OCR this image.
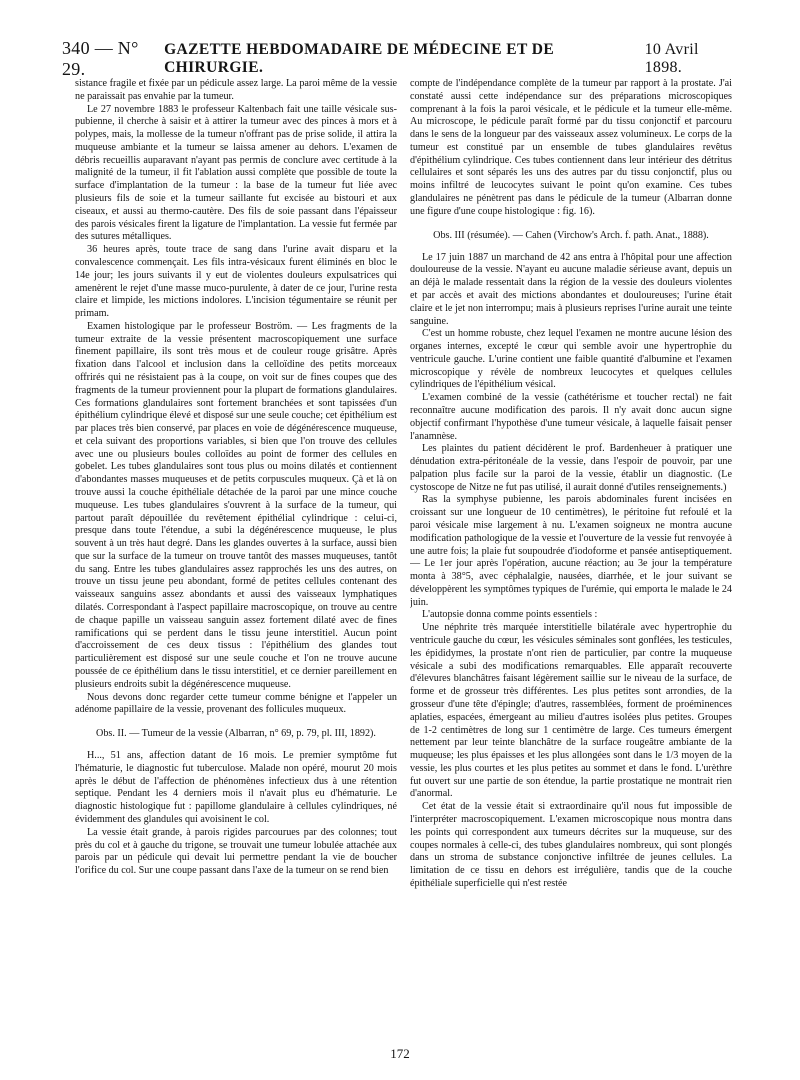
340 — N° 29.
GAZETTE HEBDOMADAIRE DE MÉDECINE ET DE CHIRURGIE.
10 Avril 1898.

sistance fragile et fixée par un pédicule assez large. La paroi même de la vessie ne paraissait pas envahie par la tumeur.

Le 27 novembre 1883 le professeur Kaltenbach fait une taille vésicale sus-pubienne, il cherche à saisir et à attirer la tumeur avec des pinces à mors et à polypes, mais, la mollesse de la tumeur n'offrant pas de prise solide, il attira la muqueuse ambiante et la tumeur se laissa amener au dehors. L'examen de débris recueillis auparavant n'ayant pas permis de conclure avec certitude à la malignité de la tumeur, il fit l'ablation aussi complète que possible de toute la surface d'implantation de la tumeur : la base de la tumeur fut liée avec plusieurs fils de soie et la tumeur saillante fut excisée au bistouri et aux ciseaux, et aussi au thermo-cautère. Des fils de soie passant dans l'épaisseur des parois vésicales firent la ligature de l'implantation. La vessie fut fermée par des sutures métalliques.

36 heures après, toute trace de sang dans l'urine avait disparu et la convalescence commençait. Les fils intra-vésicaux furent éliminés en bloc le 14e jour; les jours suivants il y eut de violentes douleurs expulsatrices qui amenèrent le rejet d'une masse muco-purulente, à dater de ce jour, l'urine resta claire et limpide, les mictions indolores. L'incision tégumentaire se réunit per primam.

Examen histologique par le professeur Boström. — Les fragments de la tumeur extraite de la vessie présentent macroscopiquement une surface finement papillaire, ils sont très mous et de couleur rouge grisâtre. Après fixation dans l'alcool et inclusion dans la celloïdine des petits morceaux offrirés qui ne résistaient pas à la coupe, on voit sur de fines coupes que des fragments de la tumeur proviennent pour la plupart de formations glandulaires. Ces formations glandulaires sont fortement branchées et sont tapissées d'un épithélium cylindrique élevé et disposé sur une seule couche; cet épithélium est par places très bien conservé, par places en voie de dégénérescence muqueuse, et cela suivant des proportions variables, si bien que l'on trouve des cellules avec une ou plusieurs boules colloïdes au point de former des cellules en gobelet. Les tubes glandulaires sont tous plus ou moins dilatés et contiennent d'abondantes masses muqueuses et de petits corpuscules muqueux. Çà et là on trouve aussi la couche épithéliale détachée de la paroi par une mince couche muqueuse. Les tubes glandulaires s'ouvrent à la surface de la tumeur, qui partout paraît dépouillée du revêtement épithélial cylindrique : celui-ci, presque dans toute l'étendue, a subi la dégénérescence muqueuse, le plus souvent à un très haut degré. Dans les glandes ouvertes à la surface, aussi bien que sur la surface de la tumeur on trouve tantôt des masses muqueuses, tantôt du sang. Entre les tubes glandulaires assez rapprochés les uns des autres, on trouve un tissu jeune peu abondant, formé de petites cellules contenant des vaisseaux sanguins assez abondants et aussi des vaisseaux lymphatiques dilatés. Correspondant à l'aspect papillaire macroscopique, on trouve au centre de chaque papille un vaisseau sanguin assez fortement dilaté avec de fines ramifications qui se perdent dans le tissu jeune interstitiel. Aucun point d'accroissement de ces deux tissus : l'épithélium des glandes tout particulièrement est disposé sur une seule couche et l'on ne trouve aucune poussée de ce épithélium dans le tissu interstitiel, et ce dernier pareillement en plusieurs endroits subit la dégénérescence muqueuse.

Nous devons donc regarder cette tumeur comme bénigne et l'appeler un adénome papillaire de la vessie, provenant des follicules muqueux.

Obs. II. — Tumeur de la vessie (Albarran, n° 69, p. 79, pl. III, 1892).

H..., 51 ans, affection datant de 16 mois. Le premier symptôme fut l'hématurie, le diagnostic fut tuberculose. Malade non opéré, mourut 20 mois après le début de l'affection de phénomènes infectieux dus à une rétention septique. Pendant les 4 derniers mois il n'avait plus eu d'hématurie. Le diagnostic histologique fut : papillome glandulaire à cellules cylindriques, né évidemment des glandules qui avoisinent le col.

La vessie était grande, à parois rigides parcourues par des colonnes; tout près du col et à gauche du trigone, se trouvait une tumeur lobulée attachée aux parois par un pédicule qui devait lui permettre pendant la vie de boucher l'orifice du col. Sur une coupe passant dans l'axe de la tumeur on se rend bien

compte de l'indépendance complète de la tumeur par rapport à la prostate. J'ai constaté aussi cette indépendance sur des préparations microscopiques comprenant à la fois la paroi vésicale, et le pédicule et la tumeur elle-même. Au microscope, le pédicule paraît formé par du tissu conjonctif et parcouru dans le sens de la longueur par des vaisseaux assez volumineux. Le corps de la tumeur est constitué par un ensemble de tubes glandulaires revêtus d'épithélium cylindrique. Ces tubes contiennent dans leur intérieur des détritus cellulaires et sont séparés les uns des autres par du tissu conjonctif, plus ou moins infiltré de leucocytes suivant le point qu'on examine. Ces tubes glandulaires ne pénètrent pas dans le pédicule de la tumeur (Albarran donne une figure d'une coupe histologique : fig. 16).

Obs. III (résumée). — Cahen (Virchow's Arch. f. path. Anat., 1888).

Le 17 juin 1887 un marchand de 42 ans entra à l'hôpital pour une affection douloureuse de la vessie. N'ayant eu aucune maladie sérieuse avant, depuis un an déjà le malade ressentait dans la région de la vessie des douleurs violentes et par accès et avait des mictions abondantes et douloureuses; l'urine était claire et le jet non interrompu; mais à plusieurs reprises l'urine aurait une teinte sanguine.

C'est un homme robuste, chez lequel l'examen ne montre aucune lésion des organes internes, excepté le cœur qui semble avoir une hypertrophie du ventricule gauche. L'urine contient une faible quantité d'albumine et l'examen microscopique y révèle de nombreux leucocytes et quelques cellules cylindriques de l'épithélium vésical.

L'examen combiné de la vessie (cathétérisme et toucher rectal) ne fait reconnaître aucune modification des parois. Il n'y avait donc aucun signe objectif confirmant l'hypothèse d'une tumeur vésicale, à laquelle faisait penser l'anamnèse.

Les plaintes du patient décidèrent le prof. Bardenheuer à pratiquer une dénudation extra-péritonéale de la vessie, dans l'espoir de pouvoir, par une palpation plus facile sur la paroi de la vessie, établir un diagnostic. (Le cystoscope de Nitze ne fut pas utilisé, il aurait donné d'utiles renseignements.)

Ras la symphyse pubienne, les parois abdominales furent incisées en croissant sur une longueur de 10 centimètres), le péritoine fut refoulé et la paroi vésicale mise largement à nu. L'examen soigneux ne montra aucune modification pathologique de la vessie et l'ouverture de la vessie fut renvoyée à une autre fois; la plaie fut soupoudrée d'iodoforme et pansée antiseptiquement. — Le 1er jour après l'opération, aucune réaction; au 3e jour la température monta à 38°5, avec céphalalgie, nausées, diarrhée, et le jour suivant se développèrent les symptômes typiques de l'urémie, qui emporta le malade le 24 juin.

L'autopsie donna comme points essentiels :

Une néphrite très marquée interstitielle bilatérale avec hypertrophie du ventricule gauche du cœur, les vésicules séminales sont gonflées, les testicules, les épididymes, la prostate n'ont rien de particulier, par contre la muqueuse vésicale a subi des modifications remarquables. Elle apparaît recouverte d'élevures blanchâtres faisant légèrement saillie sur le niveau de la surface, de forme et de grosseur très différentes. Les plus petites sont arrondies, de la grosseur d'une tête d'épingle; d'autres, rassemblées, forment de proéminences aplaties, espacées, émergeant au milieu d'autres isolées plus petites. Groupes de 1-2 centimètres de long sur 1 centimètre de large. Ces tumeurs émergent nettement par leur teinte blanchâtre de la surface rougeâtre ambiante de la muqueuse; les plus épaisses et les plus allongées sont dans le 1/3 moyen de la vessie, les plus courtes et les plus petites au sommet et dans le fond. L'urèthre fut ouvert sur une partie de son étendue, la partie prostatique ne montrait rien d'anormal.

Cet état de la vessie était si extraordinaire qu'il nous fut impossible de l'interpréter macroscopiquement. L'examen microscopique nous montra dans les points qui correspondent aux tumeurs décrites sur la muqueuse, sur des coupes normales à celle-ci, des tubes glandulaires nombreux, qui sont plongés dans un stroma de substance conjonctive infiltrée de jeunes cellules. La limitation de ce tissu en dehors est irrégulière, tandis que de la couche épithéliale superficielle qui n'est restée

172
